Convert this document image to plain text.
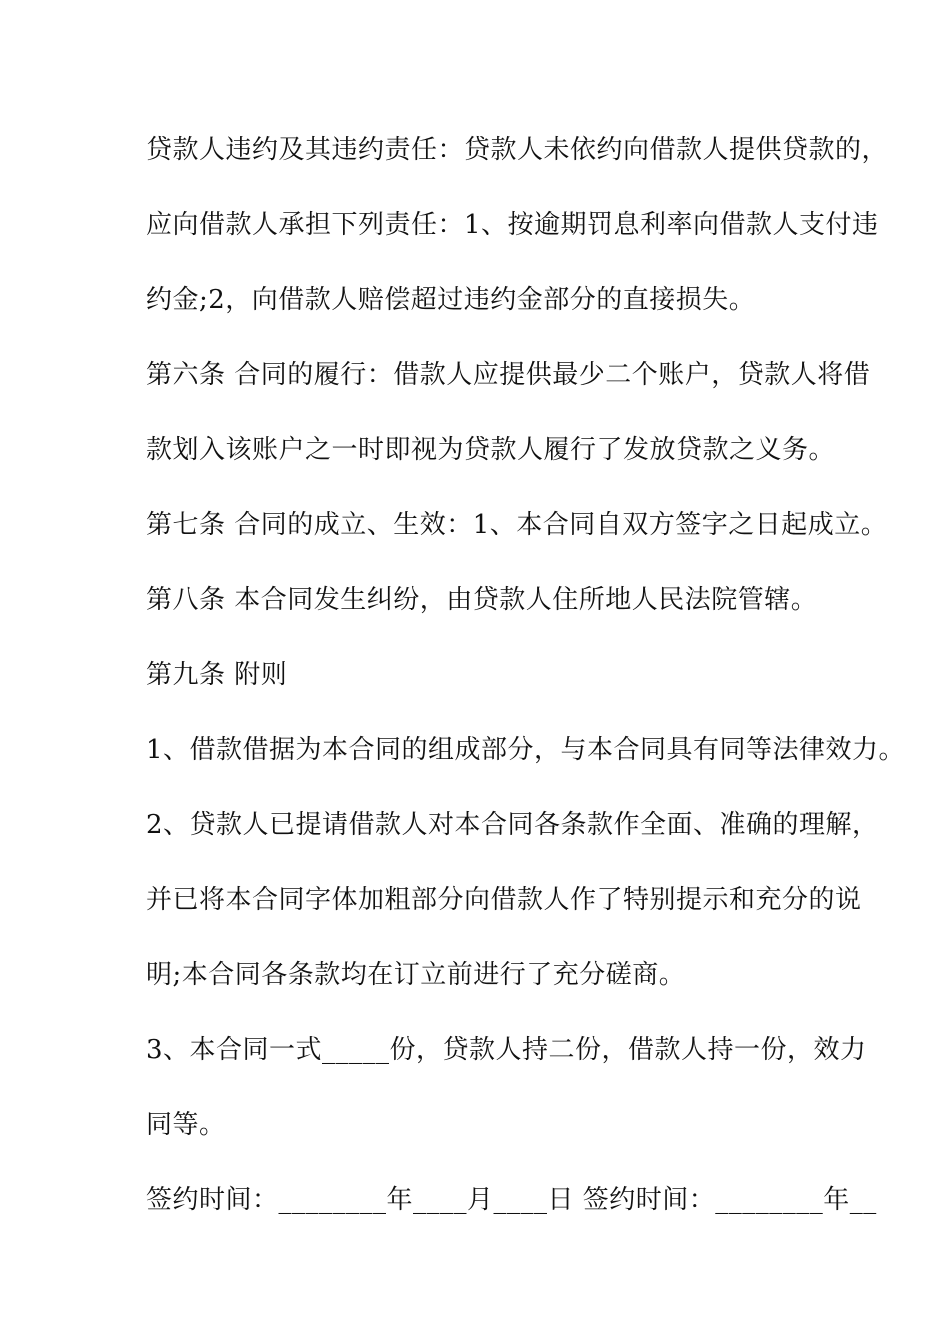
贷款人违约及其违约责任：贷款人未依约向借款人提供贷款的，
应向借款人承担下列责任：1、按逾期罚息利率向借款人支付违
约金;2，向借款人赔偿超过违约金部分的直接损失。
第六条 合同的履行：借款人应提供最少二个账户，贷款人将借
款划入该账户之一时即视为贷款人履行了发放贷款之义务。
第七条 合同的成立、生效：1、本合同自双方签字之日起成立。
第八条 本合同发生纠纷，由贷款人住所地人民法院管辖。
第九条 附则
1、借款借据为本合同的组成部分，与本合同具有同等法律效力。
2、贷款人已提请借款人对本合同各条款作全面、准确的理解，
并已将本合同字体加粗部分向借款人作了特别提示和充分的说
明;本合同各条款均在订立前进行了充分磋商。
3、本合同一式_____份，贷款人持二份，借款人持一份，效力
同等。
签约时间：________年____月____日 签约时间：________年__
